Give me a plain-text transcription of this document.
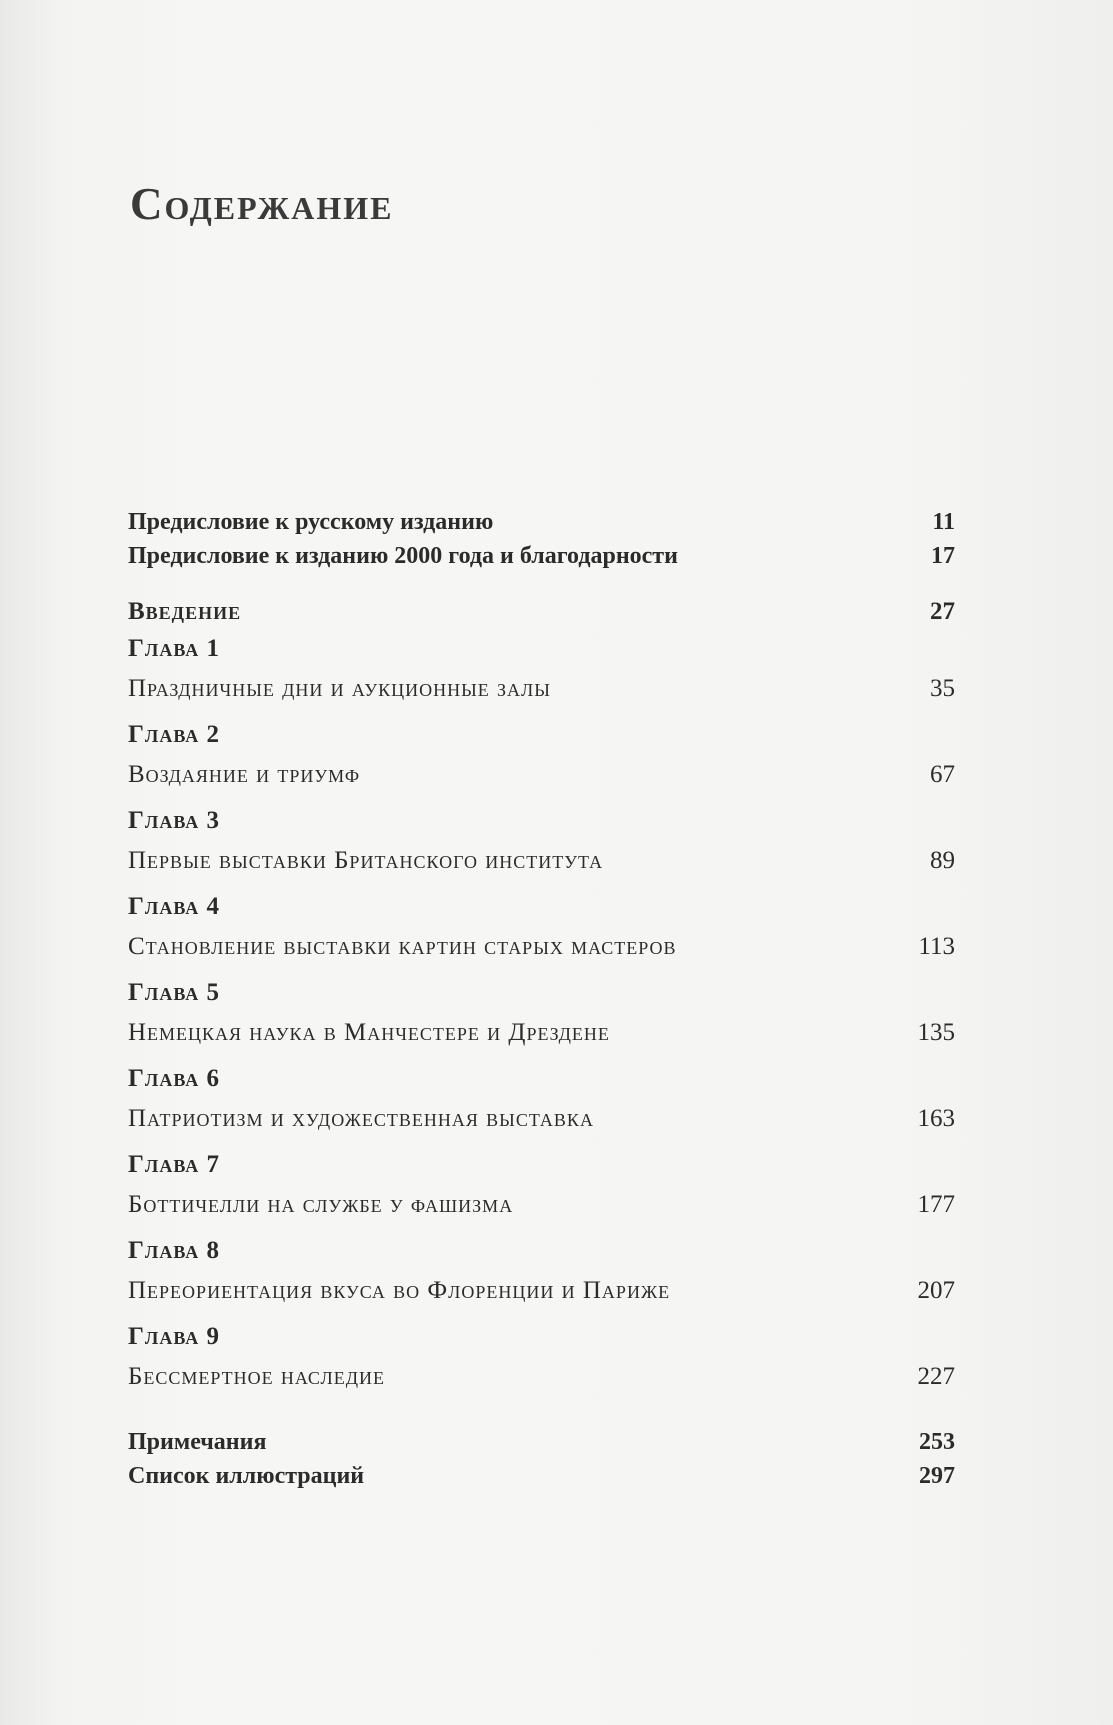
Содержание
Предисловие к русскому изданию	11
Предисловие к изданию 2000 года и благодарности	17
Введение	27
Глава 1
Праздничные дни и аукционные залы	35
Глава 2
Воздаяние и триумф	67
Глава 3
Первые выставки Британского института	89
Глава 4
Становление выставки картин старых мастеров	113
Глава 5
Немецкая наука в Манчестере и Дрездене	135
Глава 6
Патриотизм и художественная выставка	163
Глава 7
Боттичелли на службе у фашизма	177
Глава 8
Переориентация вкуса во Флоренции и Париже	207
Глава 9
Бессмертное наследие	227
Примечания	253
Список иллюстраций	297
